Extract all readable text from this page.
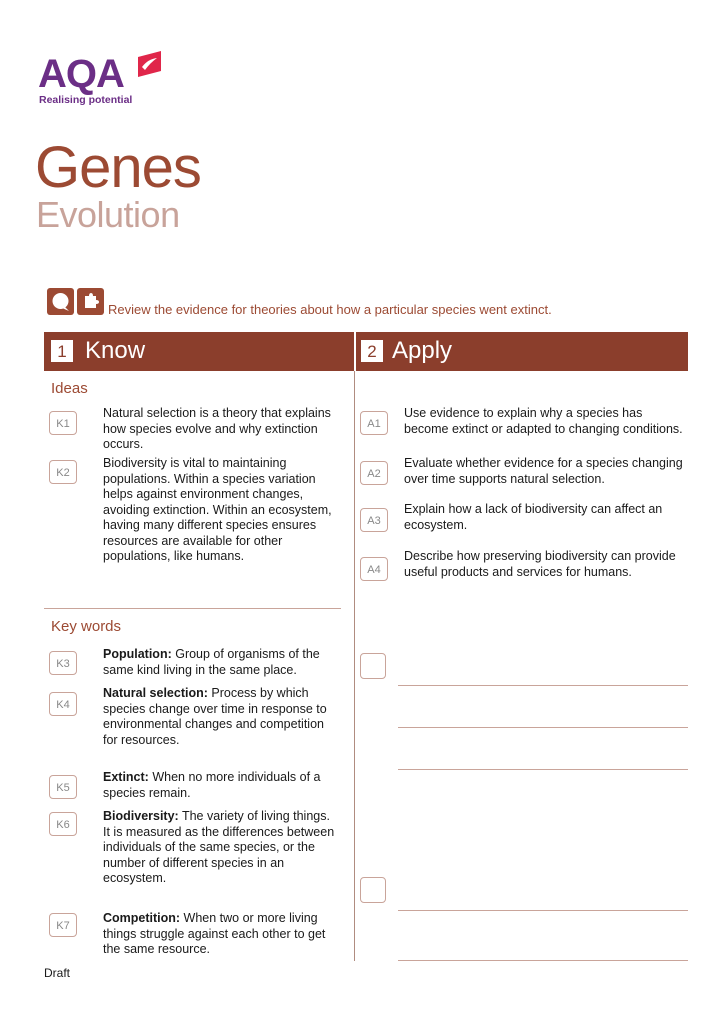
AQA
Realising potential
Genes
Evolution
Review the evidence for theories about how a particular species went extinct.
1 Know	2 Apply
Ideas
K1
Natural selection is a theory that explains how species evolve and why extinction occurs.
K2
Biodiversity is vital to maintaining populations. Within a species variation helps against environment changes, avoiding extinction. Within an ecosystem, having many different species ensures resources are available for other populations, like humans.
Key words
K3
Population: Group of organisms of the same kind living in the same place.
K4
Natural selection: Process by which species change over time in response to environmental changes and competition for resources.
K5
Extinct: When no more individuals of a species remain.
K6
Biodiversity: The variety of living things. It is measured as the differences between individuals of the same species, or the number of different species in an ecosystem.
K7
Competition: When two or more living things struggle against each other to get the same resource.
A1
Use evidence to explain why a species has become extinct or adapted to changing conditions.
A2
Evaluate whether evidence for a species changing over time supports natural selection.
A3
Explain how a lack of biodiversity can affect an ecosystem.
A4
Describe how preserving biodiversity can provide useful products and services for humans.
Draft
